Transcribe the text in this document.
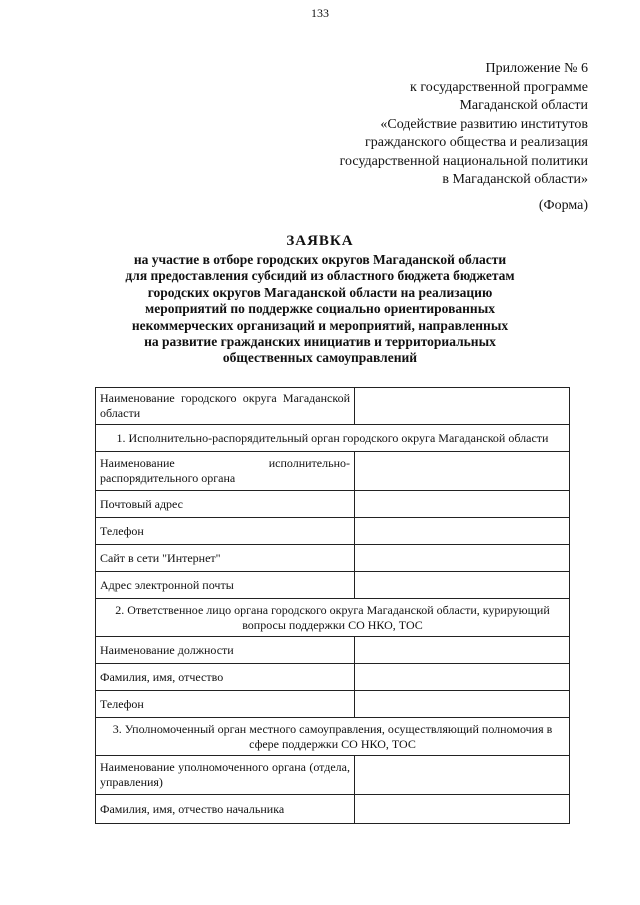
133
Приложение № 6
к государственной программе
Магаданской области
«Содействие развитию институтов
гражданского общества и реализация
государственной национальной политики
в Магаданской области»
(Форма)
ЗАЯВКА
на участие в отборе городских округов Магаданской области
для предоставления субсидий из областного бюджета бюджетам
городских округов Магаданской области на реализацию
мероприятий по поддержке социально ориентированных
некоммерческих организаций и мероприятий, направленных
на развитие гражданских инициатив и территориальных
общественных самоуправлений
Наименование городского округа Магаданской области	
1. Исполнительно-распорядительный орган городского округа Магаданской области	
Наименование исполнительно-распорядительного органа	
Почтовый адрес	
Телефон	
Сайт в сети "Интернет"	
Адрес электронной почты	
2. Ответственное лицо органа городского округа Магаданской области, курирующий вопросы поддержки СО НКО, ТОС	
Наименование должности	
Фамилия, имя, отчество	
Телефон	
3. Уполномоченный орган местного самоуправления, осуществляющий полномочия в сфере поддержки СО НКО, ТОС	
Наименование уполномоченного органа (отдела, управления)	
Фамилия, имя, отчество начальника	
